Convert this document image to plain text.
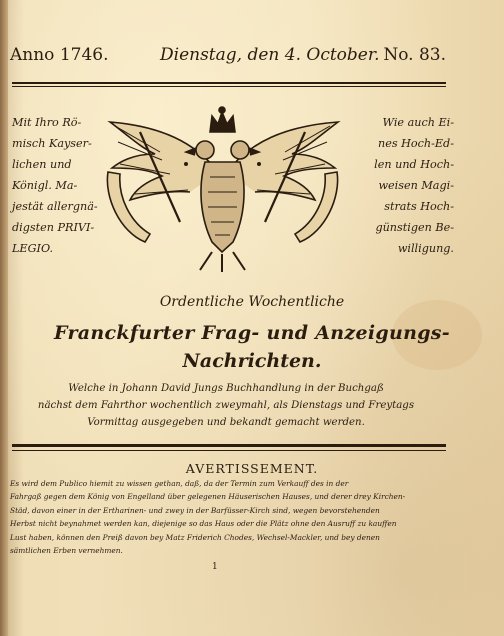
Anno 1746.	Dienstag, den 4. October. No. 83.
Mit Ihro Rö-
misch Kayser-
lichen und
Königl. Ma-
jestät allergnä-
digsten PRIVI-
LEGIO.
Wie auch Ei-
nes Hoch-Ed-
len und Hoch-
weisen Magi-
strats Hoch-
günstigen Be-
willigung.
Ordentliche Wochentliche
Franckfurter Frag- und Anzeigungs-
Nachrichten.
Welche in Johann David Jungs Buchhandlung in der Buchgaß
nächst dem Fahrthor wochentlich zweymahl, als Dienstags und Freytags
Vormittag ausgegeben und bekandt gemacht werden.
AVERTISSEMENT.
Es wird dem Publico hiemit zu wissen gethan, daß, da der Termin zum Verkauff des in der
Fahrgaß gegen dem König von Engelland über gelegenen Häuserischen Hauses, und derer drey Kirchen-
Städ, davon einer in der Ertharinen- und zwey in der Barfüsser-Kirch sind, wegen bevorstehenden
Herbst nicht beynahmet werden kan, diejenige so das Haus oder die Plätz ohne den Ausruff zu kauffen
Lust haben, können den Preiß davon bey Matz Friderich Chodes, Wechsel-Mackler, und bey denen
sämtlichen Erben vernehmen.
1
